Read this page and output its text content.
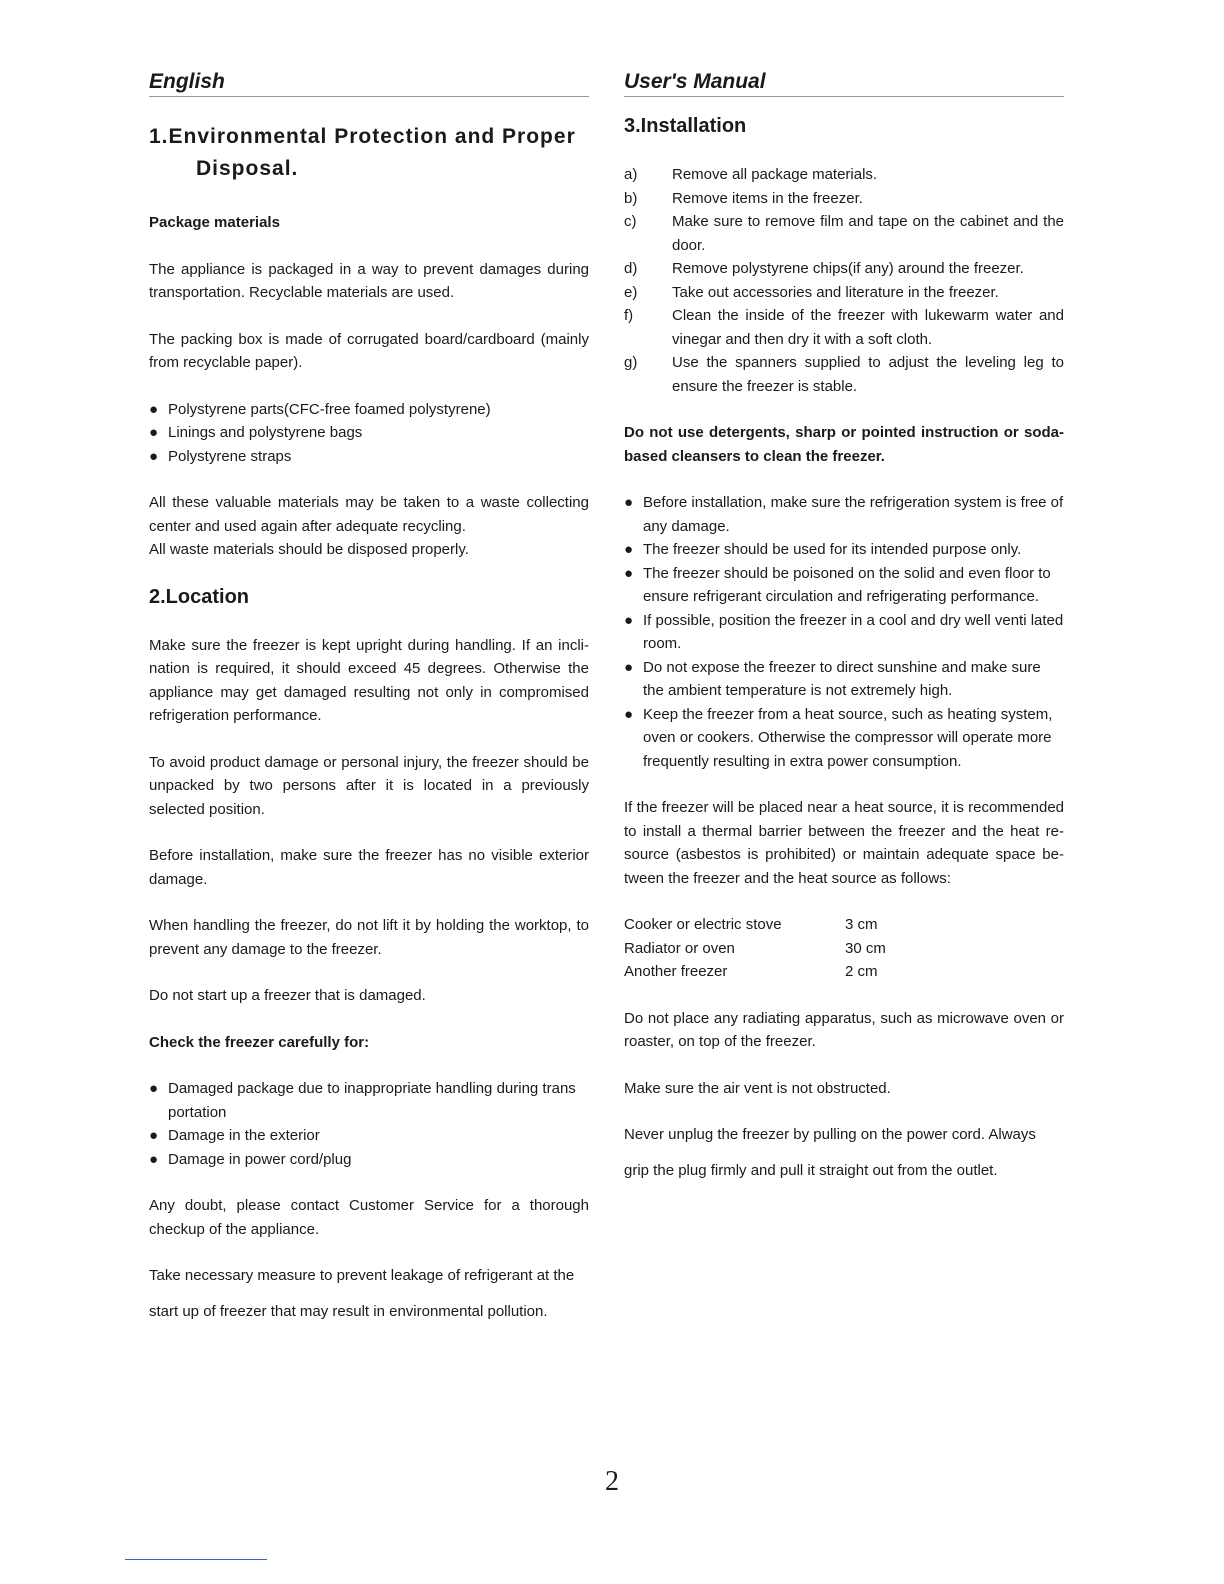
English
1.Environmental Protection and Proper
Disposal.

Package materials

The appliance is packaged in a way to prevent damages during transportation. Recyclable materials are used.

The packing box is made of corrugated board/cardboard (mainly from recyclable paper).

● Polystyrene parts(CFC-free foamed polystyrene)
● Linings and polystyrene bags
● Polystyrene straps

All these valuable materials may be taken to a waste collecting center and used again after adequate recycling.

All waste materials should be disposed properly.

2.Location

Make sure the freezer is kept upright during handling. If an incli-nation is required, it should exceed 45 degrees. Otherwise the appliance may get damaged resulting not only in compromised refrigeration performance.

To avoid product damage or personal injury, the freezer should be unpacked by two persons after it is located in a previously selected position.

Before installation, make sure the freezer has no visible exterior damage.

When handling the freezer, do not lift it by holding the worktop, to prevent any damage to the freezer.

Do not start up a freezer that is damaged.

Check the freezer carefully for:

● Damaged package due to inappropriate handling during trans portation
● Damage in the exterior
● Damage in power cord/plug

Any doubt, please contact Customer Service for a thorough checkup of the appliance.

Take necessary measure to prevent leakage of refrigerant at the

start up of freezer that may result in environmental pollution.

User's Manual
3.Installation
a) Remove all package materials.
b) Remove items in the freezer.
c) Make sure to remove film and tape on the cabinet and the door.
d) Remove polystyrene chips(if any) around the freezer.
e) Take out accessories and literature in the freezer.
f)	Clean the inside of the freezer with lukewarm water and vinegar and then dry it with a soft cloth.
g) Use the spanners supplied to adjust the leveling leg to ensure the freezer is stable.

Do not use detergents, sharp or pointed instruction or soda-based cleansers to clean the freezer.

● Before installation, make sure the refrigeration system is free of any damage.
● The freezer should be used for its intended purpose only.
● The freezer should be poisoned on the solid and even floor to ensure refrigerant circulation and refrigerating performance.
● If possible, position the freezer in a cool and dry well venti lated room.
● Do not expose the freezer to direct sunshine and make sure the ambient temperature is not extremely high.
● Keep the freezer from a heat source, such as heating system, oven or cookers. Otherwise the compressor will operate more frequently resulting in extra power consumption.

If the freezer will be placed near a heat source, it is recommended to install a thermal barrier between the freezer and the heat re-source (asbestos is prohibited) or maintain adequate space be-tween the freezer and the heat source as follows:

Cooker or electric stove	3 cm
Radiator or oven	30 cm
Another freezer	2 cm

Do not place any radiating apparatus, such as microwave oven or roaster, on top of the freezer.

Make sure the air vent is not obstructed.

Never unplug the freezer by pulling on the power cord. Always

grip the plug firmly and pull it straight out from the outlet.

2
